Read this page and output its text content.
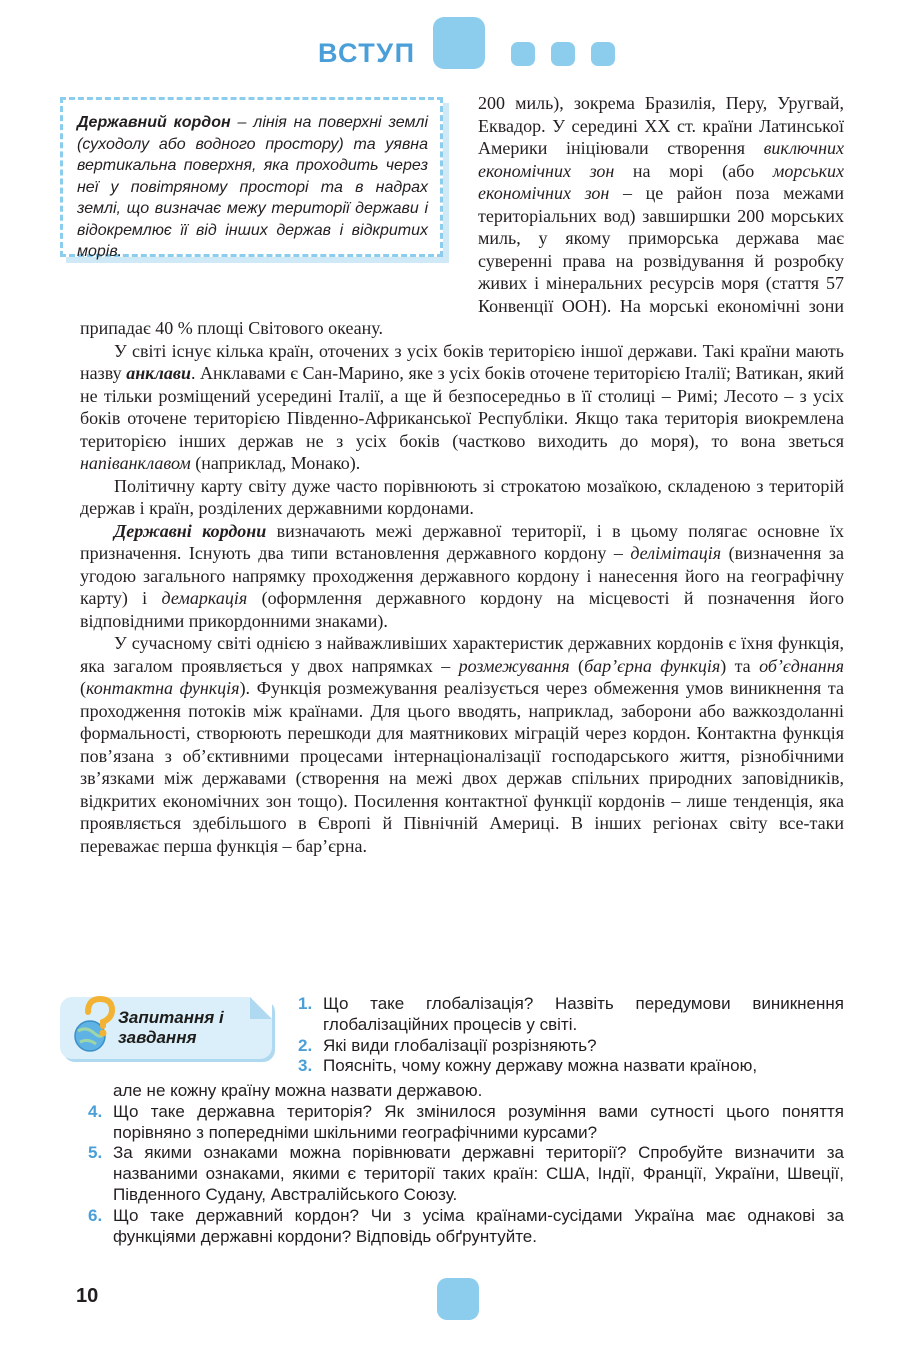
ВСТУП

200 миль), зокрема Бразилія, Перу, Уругвай, Еквадор. У середині XX ст. країни Латинської Америки ініціювали створення виключних економічних зон на морі (або морських економічних зон – це район поза межами територіальних вод) завширшки 200 морських миль, у якому приморська держава має суверенні права на розвідування й розробку живих і мінеральних ресурсів моря (стаття 57 Конвенції ООН). На морські економічні зони припадає 40 % площі Світового океану.

У світі існує кілька країн, оточених з усіх боків територією іншої держави. Такі країни мають назву анклави. Анклавами є Сан-Марино, яке з усіх боків оточене територією Італії; Ватикан, який не тільки розміщений усередині Італії, а ще й безпосередньо в її столиці – Римі; Лесото – з усіх боків оточене територією Південно-Африканської Республіки. Якщо така територія виокремлена територією інших держав не з усіх боків (частково виходить до моря), то вона зветься напіванклавом (наприклад, Монако).

Політичну карту світу дуже часто порівнюють зі строкатою мозаїкою, складеною з територій держав і країн, розділених державними кордонами.

Державні кордони визначають межі державної території, і в цьому полягає основне їх призначення. Існують два типи встановлення державного кордону – делімітація (визначення за угодою загального напрямку проходження державного кордону і нанесення його на географічну карту) і демаркація (оформлення державного кордону на місцевості й позначення його відповідними прикордонними знаками).

У сучасному світі однією з найважливіших характеристик державних кордонів є їхня функція, яка загалом проявляється у двох напрямках – розмежування (бар’єрна функція) та об’єднання (контактна функція). Функція розмежування реалізується через обмеження умов виникнення та проходження потоків між країнами. Для цього вводять, наприклад, заборони або важкоздоланні формальності, створюють перешкоди для маятникових міграцій через кордон. Контактна функція пов’язана з об’єктивними процесами інтернаціоналізації господарського життя, різнобічними зв’язками між державами (створення на межі двох держав спільних природних заповідників, відкритих економічних зон тощо). Посилення контактної функції кордонів – лише тенденція, яка проявляється здебільшого в Європі й Північній Америці. В інших регіонах світу все-таки переважає перша функція – бар’єрна.

Державний кордон – лінія на поверхні землі (суходолу або водного простору) та уявна вертикальна поверхня, яка проходить через неї у повітряному просторі та в надрах землі, що визначає межу території держави і відокремлює її від інших держав і відкритих морів.
Запитання і завдання

1. Що таке глобалізація? Назвіть передумови виникнення глобалізаційних процесів у світі.

2. Які види глобалізації розрізняють?

3. Поясніть, чому кожну державу можна назвати країною,

але не кожну країну можна назвати державою.

4. Що таке державна територія? Як змінилося розуміння вами сутності цього поняття порівняно з попередніми шкільними географічними курсами?

5. За якими ознаками можна порівнювати державні території? Спробуйте визначити за названими ознаками, якими є території таких країн: США, Індії, Франції, України, Швеції, Південного Судану, Австралійського Союзу.

6. Що таке державний кордон? Чи з усіма країнами-сусідами Україна має однакові за функціями державні кордони? Відповідь обґрунтуйте.

10
